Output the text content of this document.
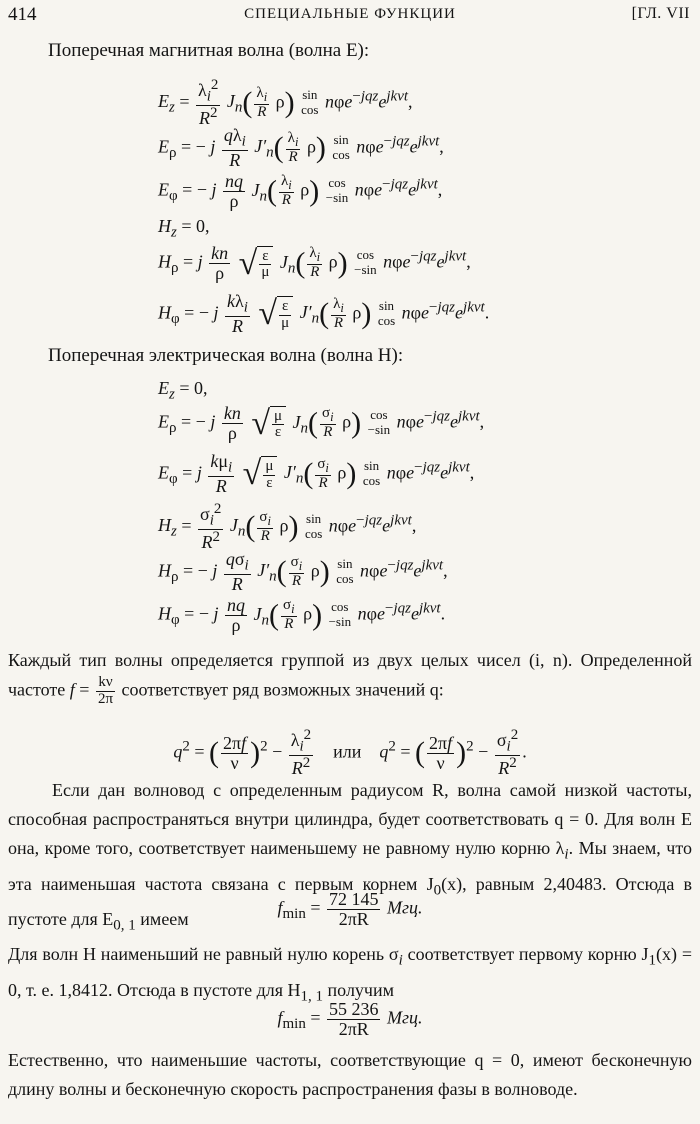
414	СПЕЦИАЛЬНЫЕ ФУНКЦИИ	[ГЛ. VII
Поперечная магнитная волна (волна E):
$E_z = \frac{\lambda_i^2}{R^2} J_n( \frac{\lambda_i}{R} \rho)$ sin
$\cos n\varphi e^{-jqz}e^{jkvt}$,
$E_\rho$ = − j
$q\lambda_i$
R
$J'_n( \frac{\lambda_i}{R} \rho)$ sin
$\cos n\varphi e^{-jqz}e^{jkvt}$,
$E_\varphi$ = − j $\frac{nq}{\rho} J_n( \frac{\lambda_i}{R} \rho)$ cos
−sin $n\varphi e^{-jqz}e^{jkvt}$,
$H_z = 0$,
$H_\rho = j \frac{kn}{\rho}$ √ $\frac{\varepsilon}{\mu} J_n( \frac{\lambda_i}{R} \rho)$ cos
−sin $n\varphi e^{-jqz}e^{jkvt}$,
$H_\varphi$ = − j
$k\lambda_i$
R √ $\frac{\varepsilon}{\mu} J'_n( \frac{\lambda_i}{R} \rho)$ sin
$\cos n\varphi e^{-jqz}e^{jkvt}$.
Поперечная электрическая волна (волна H):
$E_z = 0$,
$E_\rho$ = − j $\frac{kn}{\rho}$ √ $\frac{\mu}{\varepsilon} J_n( \frac{\sigma_i}{R} \rho)$ cos
−sin $n\varphi e^{-jqz}e^{jkvt}$,
$E_\varphi = j$
$k\mu_i$
R √ $\frac{\mu}{\varepsilon} J'_n( \frac{\sigma_i}{R} \rho)$ sin
$\cos n\varphi e^{-jqz}e^{jkvt}$,
$H_z = \frac{\sigma_i^2}{R^2} J_n( \frac{\sigma_i}{R} \rho)$ sin
$\cos n\varphi e^{-jqz}e^{jkvt}$,
$H_\rho$ = − j
$q\sigma_i$
R
$J'_n( \frac{\sigma_i}{R} \rho)$ sin
$\cos n\varphi e^{-jqz}e^{jkvt}$,
$H_\varphi$ = − j $\frac{nq}{\rho} J_n( \frac{\sigma_i}{R} \rho)$ cos
−sin $n\varphi e^{-jqz}e^{jkvt}$.

Каждый тип волны определяется группой из двух целых чисел (i, n). Определенной частоте $f = \frac{k\nu}{2\pi}$ соответствует ряд возможных значений q:

$q^2$ = ( $\frac{2\pi f}{\nu} )^2 - \frac{\lambda_i^2}{R^2}$ или $q^2$ = ( $\frac{2\pi f}{\nu} )^2 - \frac{\sigma_i^2}{R^2}$ .

Если дан волновод с определенным радиусом R, волна самой низкой частоты, способная распространяться внутри цилиндра, будет соответствовать q = 0. Для волн E она, кроме того, соответствует наименьшему не равному нулю корню $\lambda_i$. Мы знаем, что эта наименьшая частота связана с первым корнем $J_0(x)$, равным 2,40483. Отсюда в пустоте для $E_{0, 1}$ имеем

$f_{min} = \frac{72 145}{2\pi R}$ Мгц.

Для волн H наименьший не равный нулю корень $\sigma_i$ соответствует первому корню $J_1(x) = 0$, т. е. 1,8412. Отсюда в пустоте для $H_{1, 1}$ получим

$f_{min} = \frac{55 236}{2\pi R}$ Мгц.

Естественно, что наименьшие частоты, соответствующие q = 0, имеют бесконечную длину волны и бесконечную скорость распространения фазы в волноводе.
